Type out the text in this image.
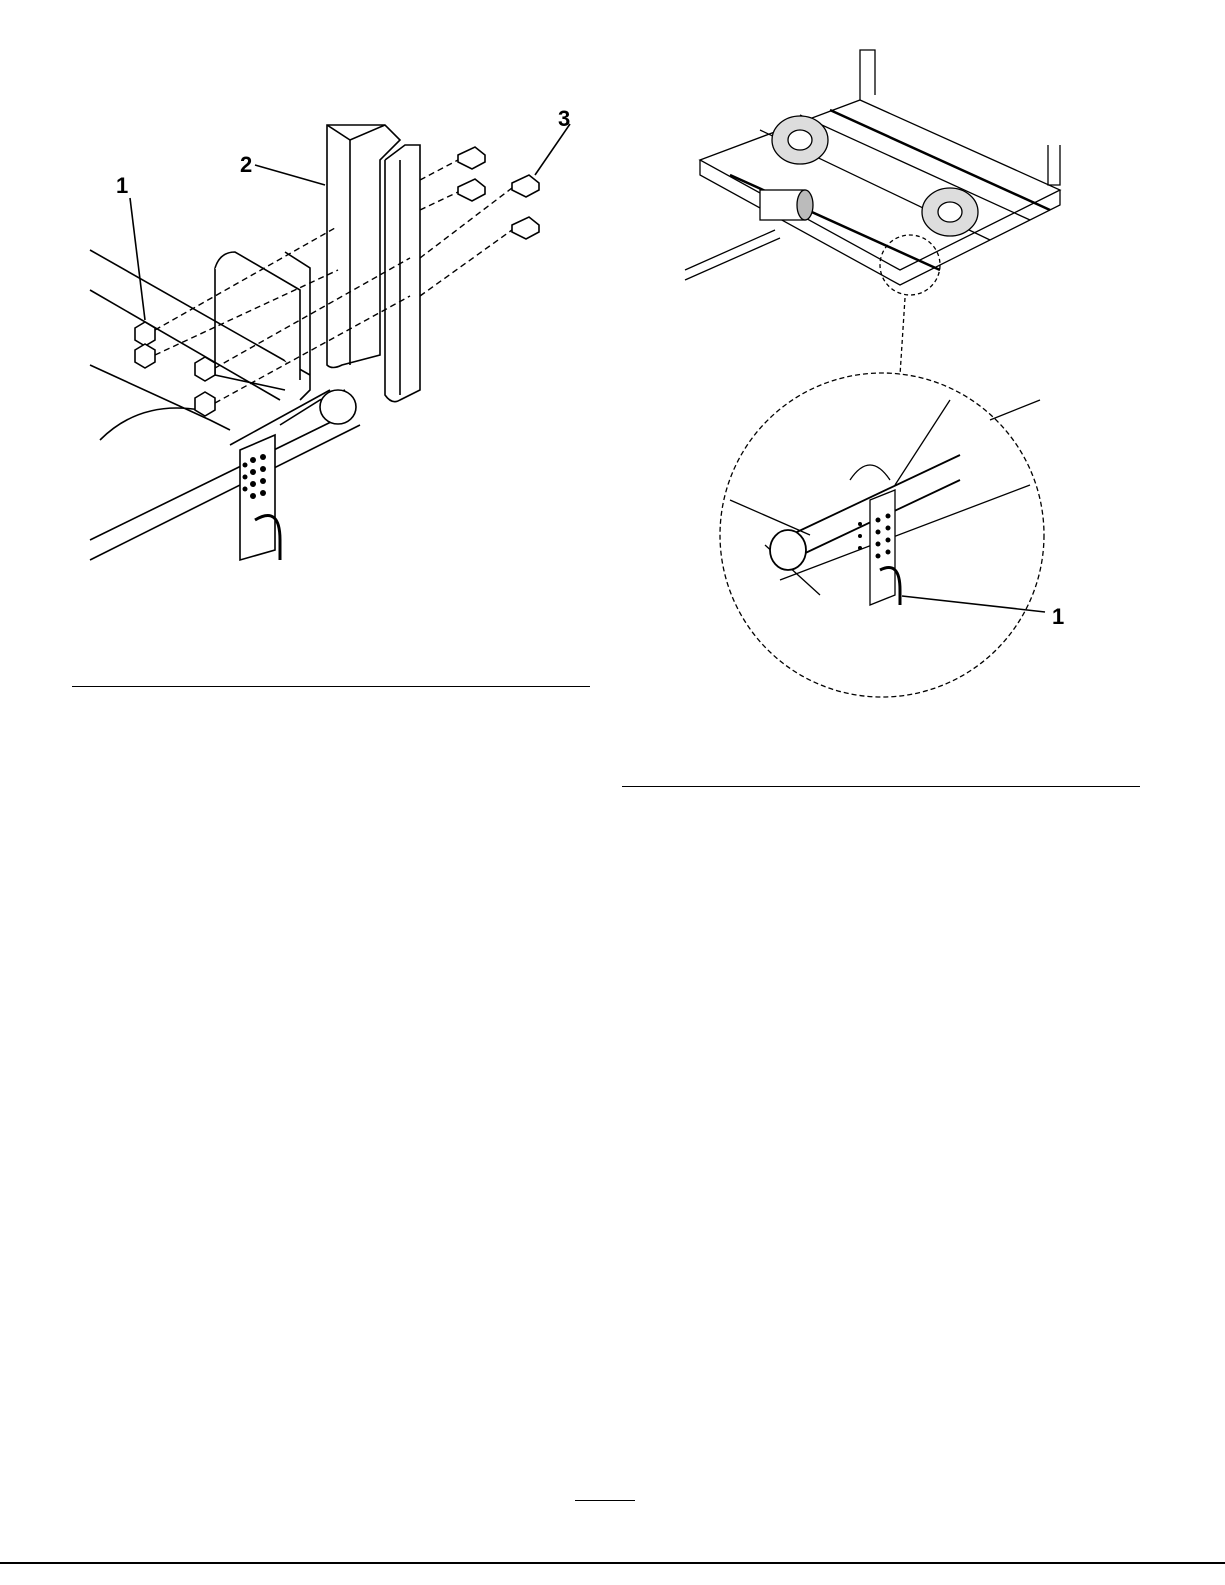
1
2
3
1
